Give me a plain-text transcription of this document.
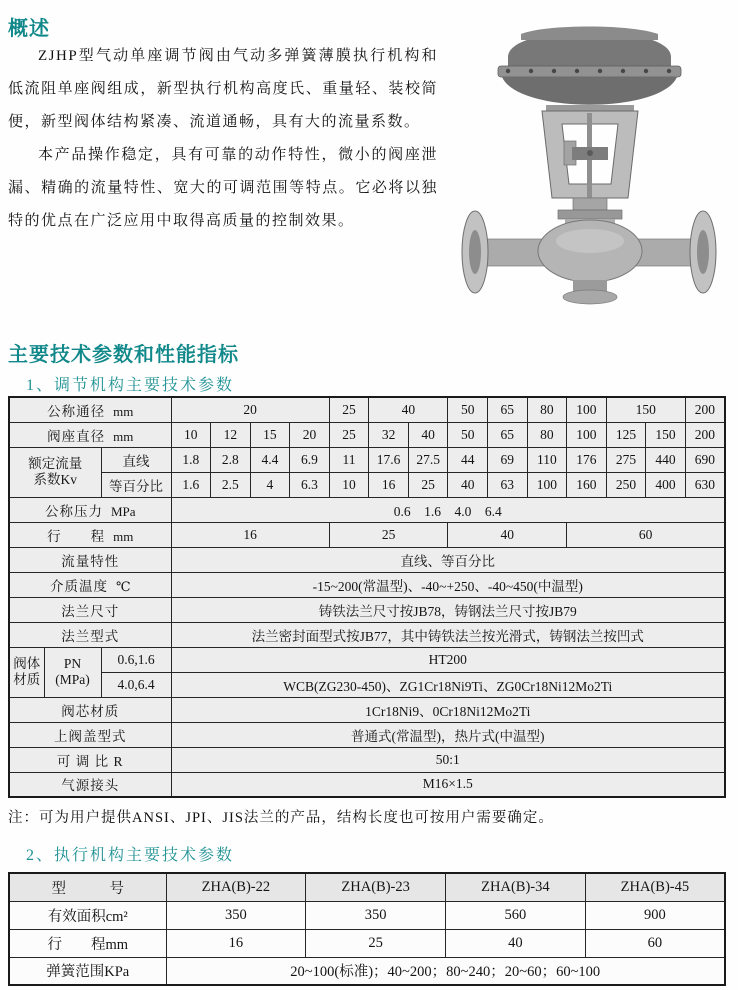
概述

ZJHP型气动单座调节阀由气动多弹簧薄膜执行机构和低流阻单座阀组成，新型执行机构高度氏、重量轻、装校简便，新型阀体结构紧凑、流道通畅，具有大的流量系数。

本产品操作稳定，具有可靠的动作特性，微小的阀座泄漏、精确的流量特性、宽大的可调范围等特点。它必将以独特的优点在广泛应用中取得高质量的控制效果。

主要技术参数和性能指标
1、调节机构主要技术参数
公称通径 mm			20				25	40		50	65	80	100	150		200
阀座直径 mm			10	12	15	20	25	32	40	50	65	80	100	125	150	200

额定流量
系数Kv		直线	1.8	2.8	4.4	6.9	11	17.6	27.5	44	69	110	176	275	440	690
		等百分比	1.6	2.5	4	6.3	10	16	25	40	63	100	160	250	400	630
公称压力 MPa			0.6　1.6　4.0　6.4													
行　　程 mm			16				25			40			60			
流量特性			直线、等百分比													
介质温度 ℃			-15~200(常温型)、-40~+250、-40~450(中温型)													
法兰尺寸			铸铁法兰尺寸按JB78，铸钢法兰尺寸按JB79													
法兰型式			法兰密封面型式按JB77，其中铸铁法兰按光滑式，铸钢法兰按凹式													

阀体
材质	PN
(MPa)	0.6,1.6	HT200													
		4.0,6.4	WCB(ZG230-450)、ZG1Cr18Ni9Ti、ZG0Cr18Ni12Mo2Ti													
阀芯材质			1Cr18Ni9、0Cr18Ni12Mo2Ti													
上阀盖型式			普通式(常温型)，热片式(中温型)													
可 调 比 R			50:1													
气源接头			M16×1.5													
注：可为用户提供ANSI、JPI、JIS法兰的产品，结构长度也可按用户需要确定。
2、执行机构主要技术参数
型　　　号	ZHA(B)-22	ZHA(B)-23	ZHA(B)-34	ZHA(B)-45
有效面积cm²	350	350	560	900
行　　程mm	16	25	40	60
弹簧范围KPa	20~100(标准)；40~200；80~240；20~60；60~100			
